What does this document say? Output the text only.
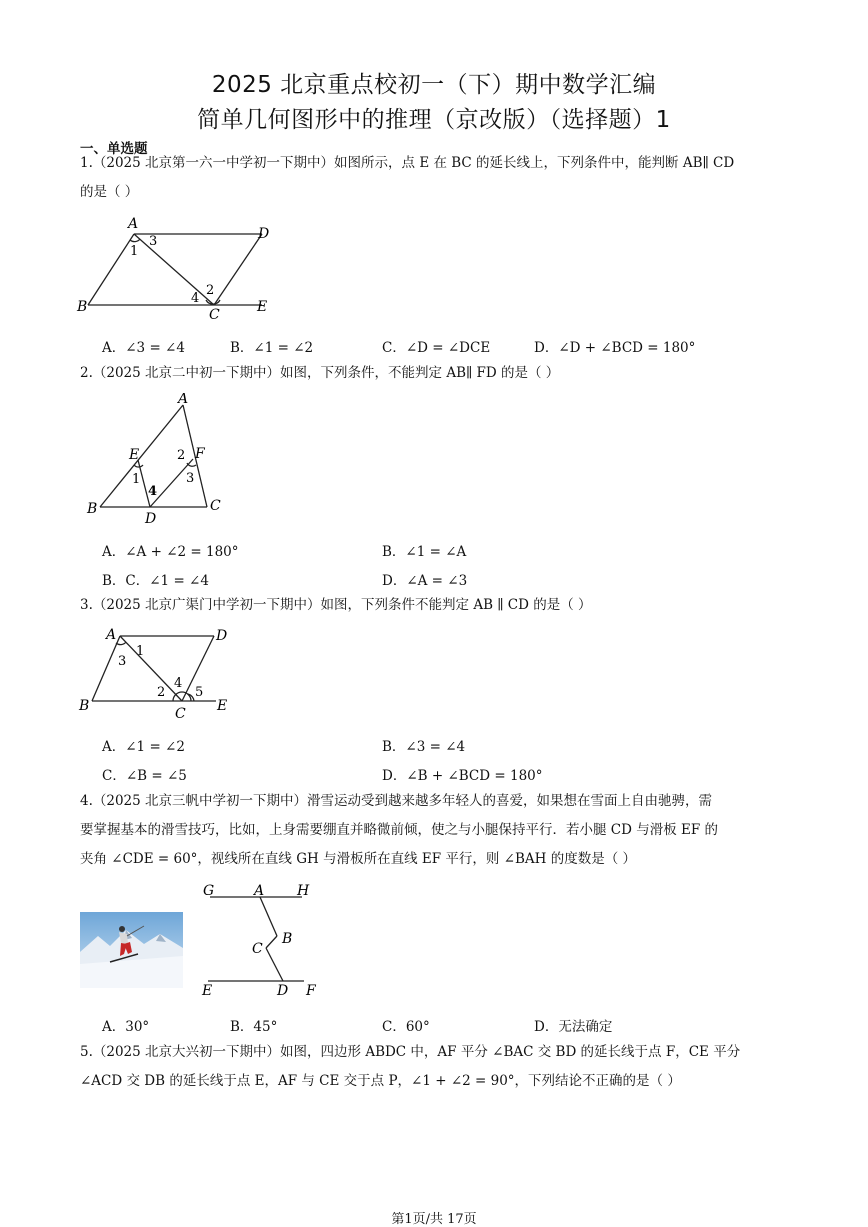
2025 北京重点校初一（下）期中数学汇编
简单几何图形中的推理（京改版）（选择题）1
一、单选题
1.（2025 北京第一六一中学初一下期中）如图所示，点 E 在 BC 的延长线上，下列条件中，能判断 AB∥ CD
的是（ ）
A
D
B	C	E
1
3
2
4
A．∠3 = ∠4	B．∠1 = ∠2	C．∠D = ∠DCE	D．∠D + ∠BCD = 180°
2.（2025 北京二中初一下期中）如图，下列条件，不能判定 AB∥ FD 的是（ ）
A
E	F
B
D
C
1
2
3
4
A．∠A + ∠2 = 180°	B．∠1 = ∠A
B．C．∠1 = ∠4	D．∠A = ∠3
3.（2025 北京广渠门中学初一下期中）如图，下列条件不能判定 AB ∥ CD 的是（ ）
A	D
B	C E
1
3
2
4
5
A．∠1 = ∠2	B．∠3 = ∠4
C．∠B = ∠5	D．∠B + ∠BCD = 180°
4.（2025 北京三帆中学初一下期中）滑雪运动受到越来越多年轻人的喜爱，如果想在雪面上自由驰骋，需
要掌握基本的滑雪技巧，比如，上身需要绷直并略微前倾，使之与小腿保持平行．若小腿 CD 与滑板 EF 的
夹角 ∠CDE = 60°，视线所在直线 GH 与滑板所在直线 EF 平行，则 ∠BAH 的度数是（ ）
G	A H
B
C
E	D F
A．30°	B．45°	C．60°	D．无法确定
5.（2025 北京大兴初一下期中）如图，四边形 ABDC 中，AF 平分 ∠BAC 交 BD 的延长线于点 F，CE 平分
∠ACD 交 DB 的延长线于点 E，AF 与 CE 交于点 P，∠1 + ∠2 = 90°，下列结论不正确的是（ ）
第1页/共 17页
